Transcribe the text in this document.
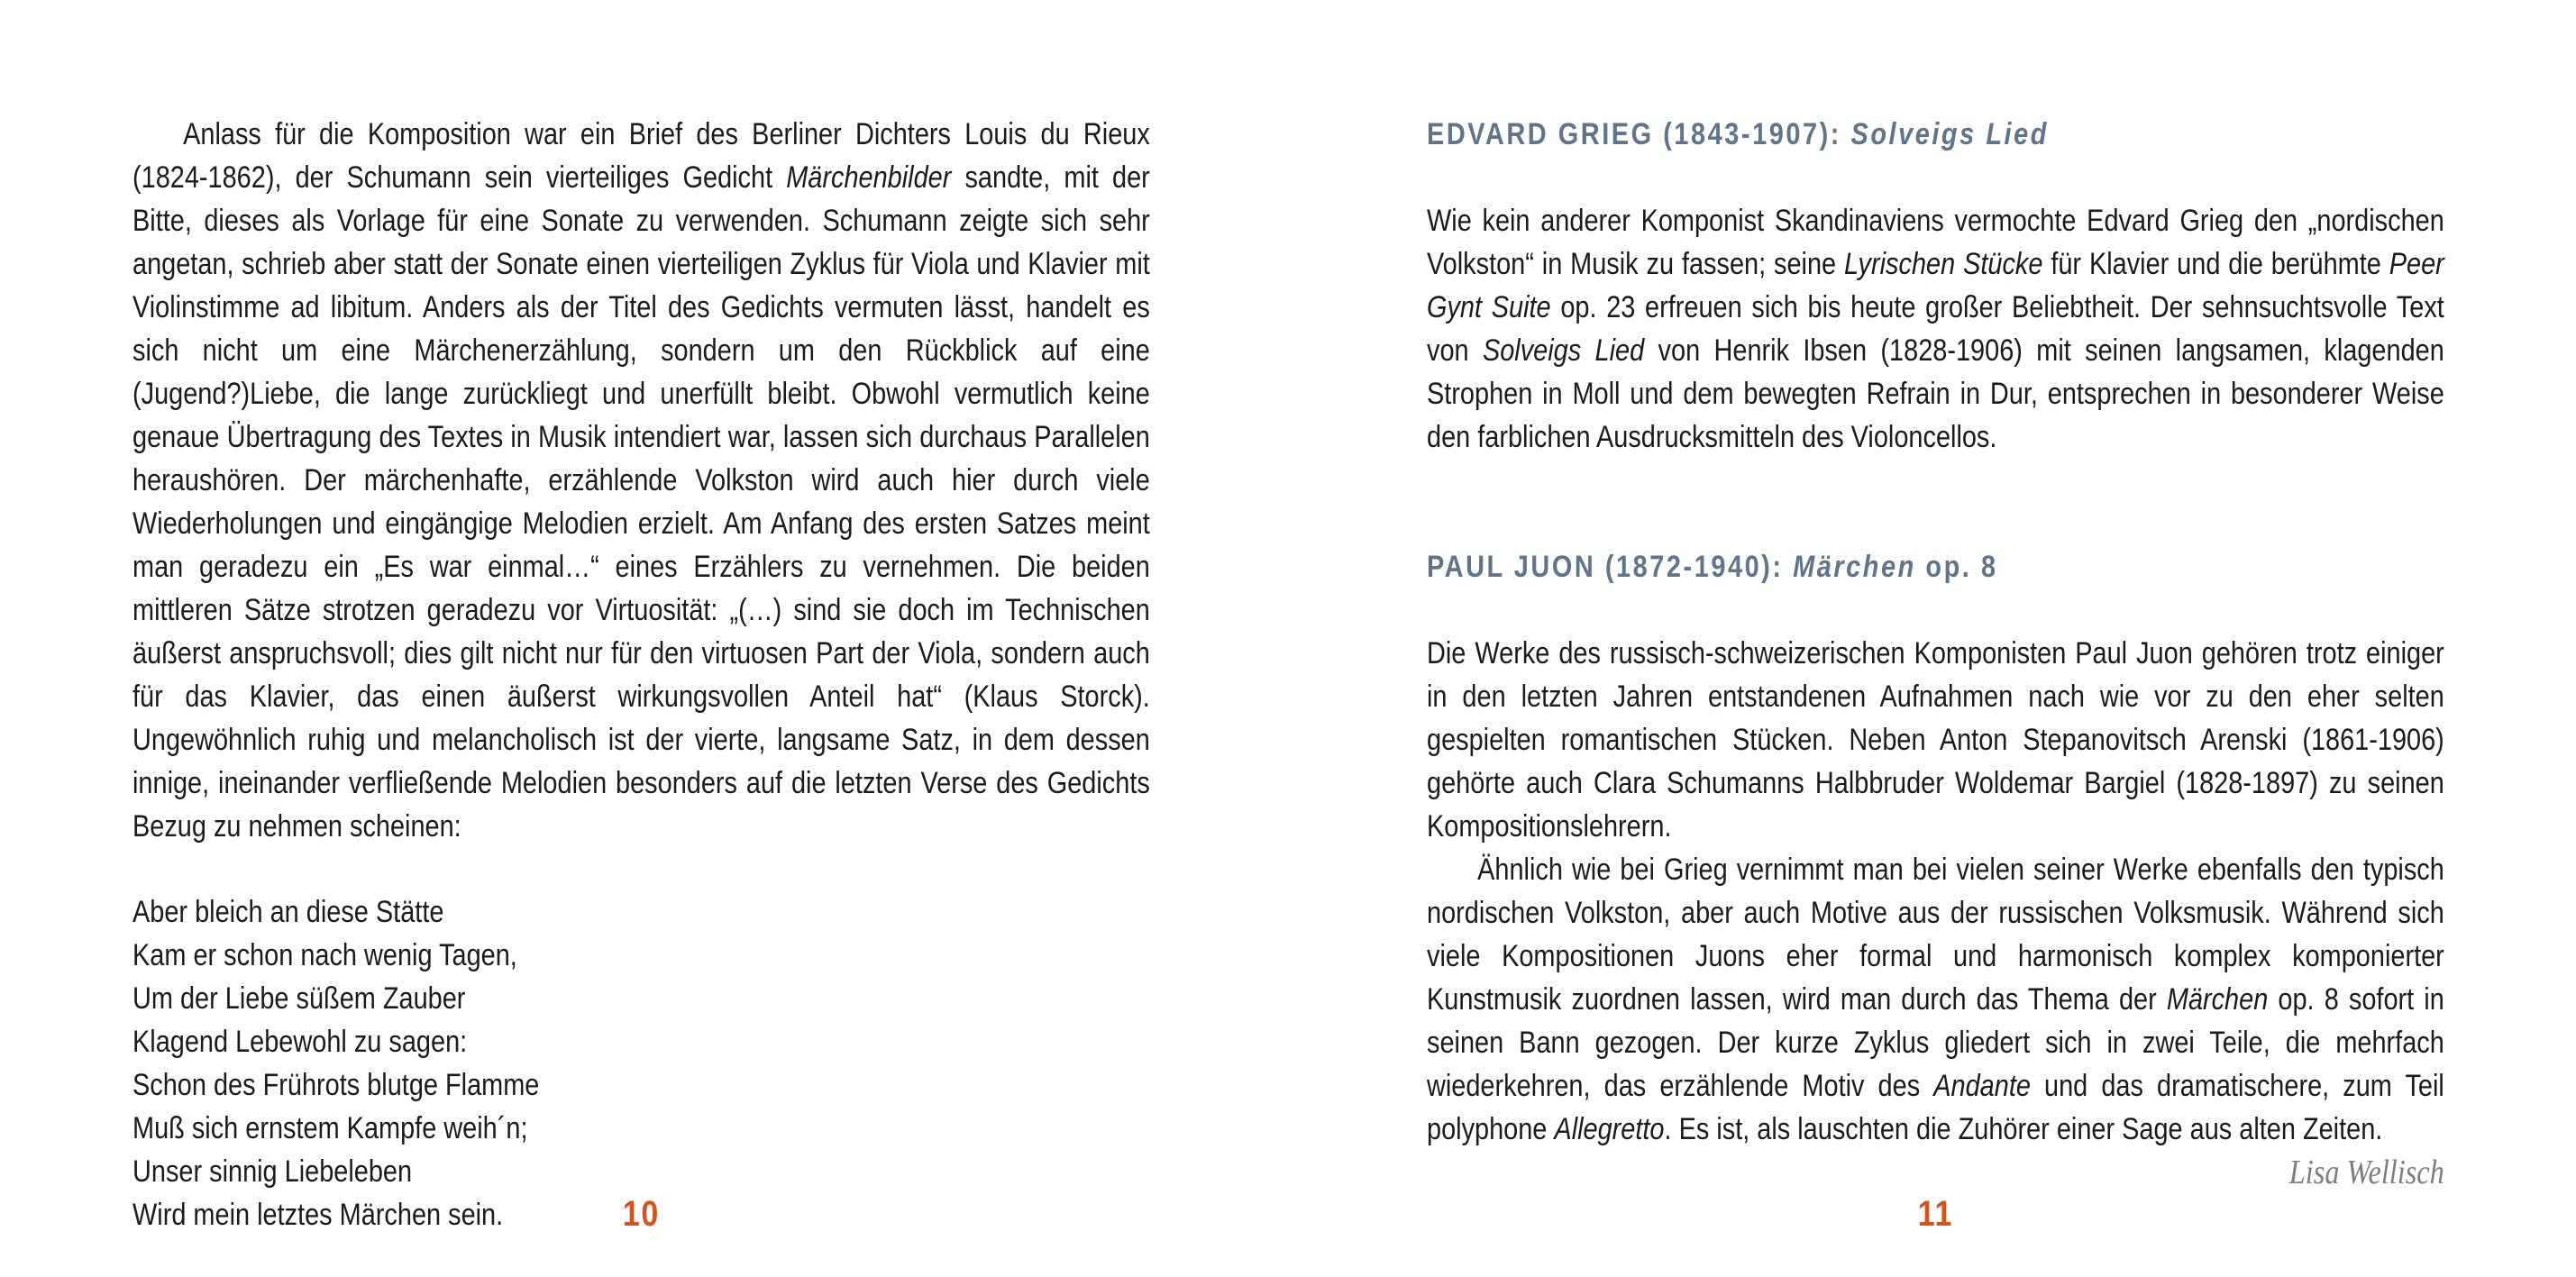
Anlass für die Komposition war ein Brief des Berliner Dichters Louis du Rieux (1824-1862), der Schumann sein vierteiliges Gedicht Märchenbilder sandte, mit der Bitte, dieses als Vorlage für eine Sonate zu verwenden. Schumann zeigte sich sehr angetan, schrieb aber statt der Sonate einen vierteiligen Zyklus für Viola und Klavier mit Violinstimme ad libitum. Anders als der Titel des Gedichts vermuten lässt, handelt es sich nicht um eine Märchenerzählung, sondern um den Rückblick auf eine (Jugend?)Liebe, die lange zurückliegt und unerfüllt bleibt. Obwohl vermutlich keine genaue Übertragung des Textes in Musik intendiert war, lassen sich durchaus Parallelen heraushören. Der märchenhafte, erzählende Volkston wird auch hier durch viele Wiederholungen und eingängige Melodien erzielt. Am Anfang des ersten Satzes meint man geradezu ein „Es war einmal…“ eines Erzählers zu vernehmen. Die beiden mittleren Sätze strotzen geradezu vor Virtuosität: „(…) sind sie doch im Technischen äußerst anspruchsvoll; dies gilt nicht nur für den virtuosen Part der Viola, sondern auch für das Klavier, das einen äußerst wirkungsvollen Anteil hat“ (Klaus Storck). Ungewöhnlich ruhig und melancholisch ist der vierte, langsame Satz, in dem dessen innige, ineinander verfließende Melodien besonders auf die letzten Verse des Gedichts Bezug zu nehmen scheinen:

Aber bleich an diese Stätte
Kam er schon nach wenig Tagen,
Um der Liebe süßem Zauber
Klagend Lebewohl zu sagen:
Schon des Frührots blutge Flamme
Muß sich ernstem Kampfe weih´n;
Unser sinnig Liebeleben
Wird mein letztes Märchen sein.	10
EDVARD GRIEG (1843-1907): Solveigs Lied

Wie kein anderer Komponist Skandinaviens vermochte Edvard Grieg den „nordischen Volkston“ in Musik zu fassen; seine Lyrischen Stücke für Klavier und die berühmte Peer Gynt Suite op. 23 erfreuen sich bis heute großer Beliebtheit. Der sehnsuchtsvolle Text von Solveigs Lied von Henrik Ibsen (1828-1906) mit seinen langsamen, klagenden Strophen in Moll und dem bewegten Refrain in Dur, entsprechen in besonderer Weise den farblichen Ausdrucksmitteln des Violoncellos.

PAUL JUON (1872-1940): Märchen op. 8

Die Werke des russisch-schweizerischen Komponisten Paul Juon gehören trotz einiger in den letzten Jahren entstandenen Aufnahmen nach wie vor zu den eher selten gespielten romantischen Stücken. Neben Anton Stepanovitsch Arenski (1861-1906) gehörte auch Clara Schumanns Halbbruder Woldemar Bargiel (1828-1897) zu seinen Kompositionslehrern.

Ähnlich wie bei Grieg vernimmt man bei vielen seiner Werke ebenfalls den typisch nordischen Volkston, aber auch Motive aus der russischen Volksmusik. Während sich viele Kompositionen Juons eher formal und harmonisch komplex komponierter Kunstmusik zuordnen lassen, wird man durch das Thema der Märchen op. 8 sofort in seinen Bann gezogen. Der kurze Zyklus gliedert sich in zwei Teile, die mehrfach wiederkehren, das erzählende Motiv des Andante und das dramatischere, zum Teil polyphone Allegretto. Es ist, als lauschten die Zuhörer einer Sage aus alten Zeiten.

Lisa Wellisch
11
